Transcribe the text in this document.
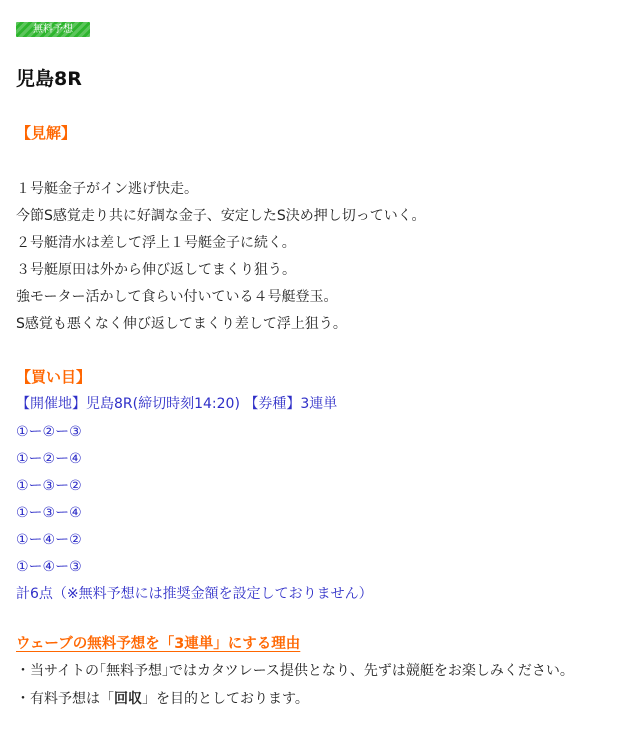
無料予想
児島8R
【見解】
１号艇金子がイン逃げ快走。
今節S感覚走り共に好調な金子、安定したS決め押し切っていく。
２号艇清水は差して浮上１号艇金子に続く。
３号艇原田は外から伸び返してまくり狙う。
強モーター活かして食らい付いている４号艇登玉。
S感覚も悪くなく伸び返してまくり差して浮上狙う。
【買い目】
【開催地】児島8R(締切時刻14:20) 【券種】3連単
①ー②ー③
①ー②ー④
①ー③ー②
①ー③ー④
①ー④ー②
①ー④ー③
計6点（※無料予想には推奨金額を設定しておりません）
ウェーブの無料予想を「3連単」にする理由
・当サイトの｢無料予想｣ではカタツレース提供となり、先ずは競艇をお楽しみください。
・有料予想は「回収」を目的としております。
